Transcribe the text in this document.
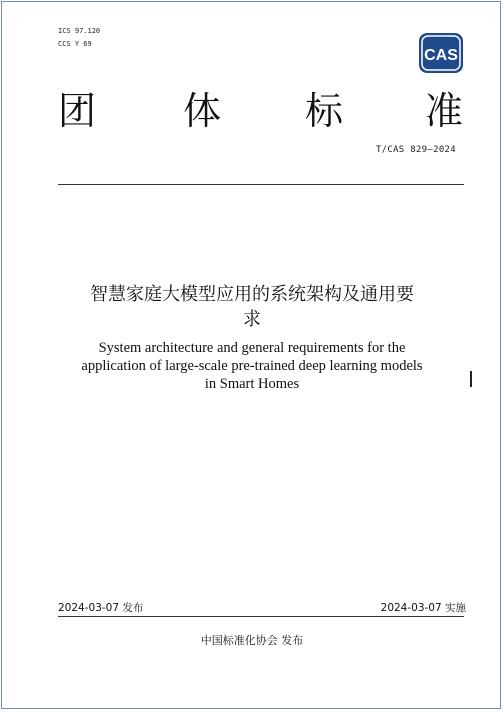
ICS 97.120
CCS Y 69
CAS
团 体 标 准
T/CAS 829—2024
智慧家庭大模型应用的系统架构及通用要
求
System architecture and general requirements for the
application of large-scale pre-trained deep learning models
in Smart Homes
2024-03-07 发布	2024-03-07 实施
中国标准化协会 发布
